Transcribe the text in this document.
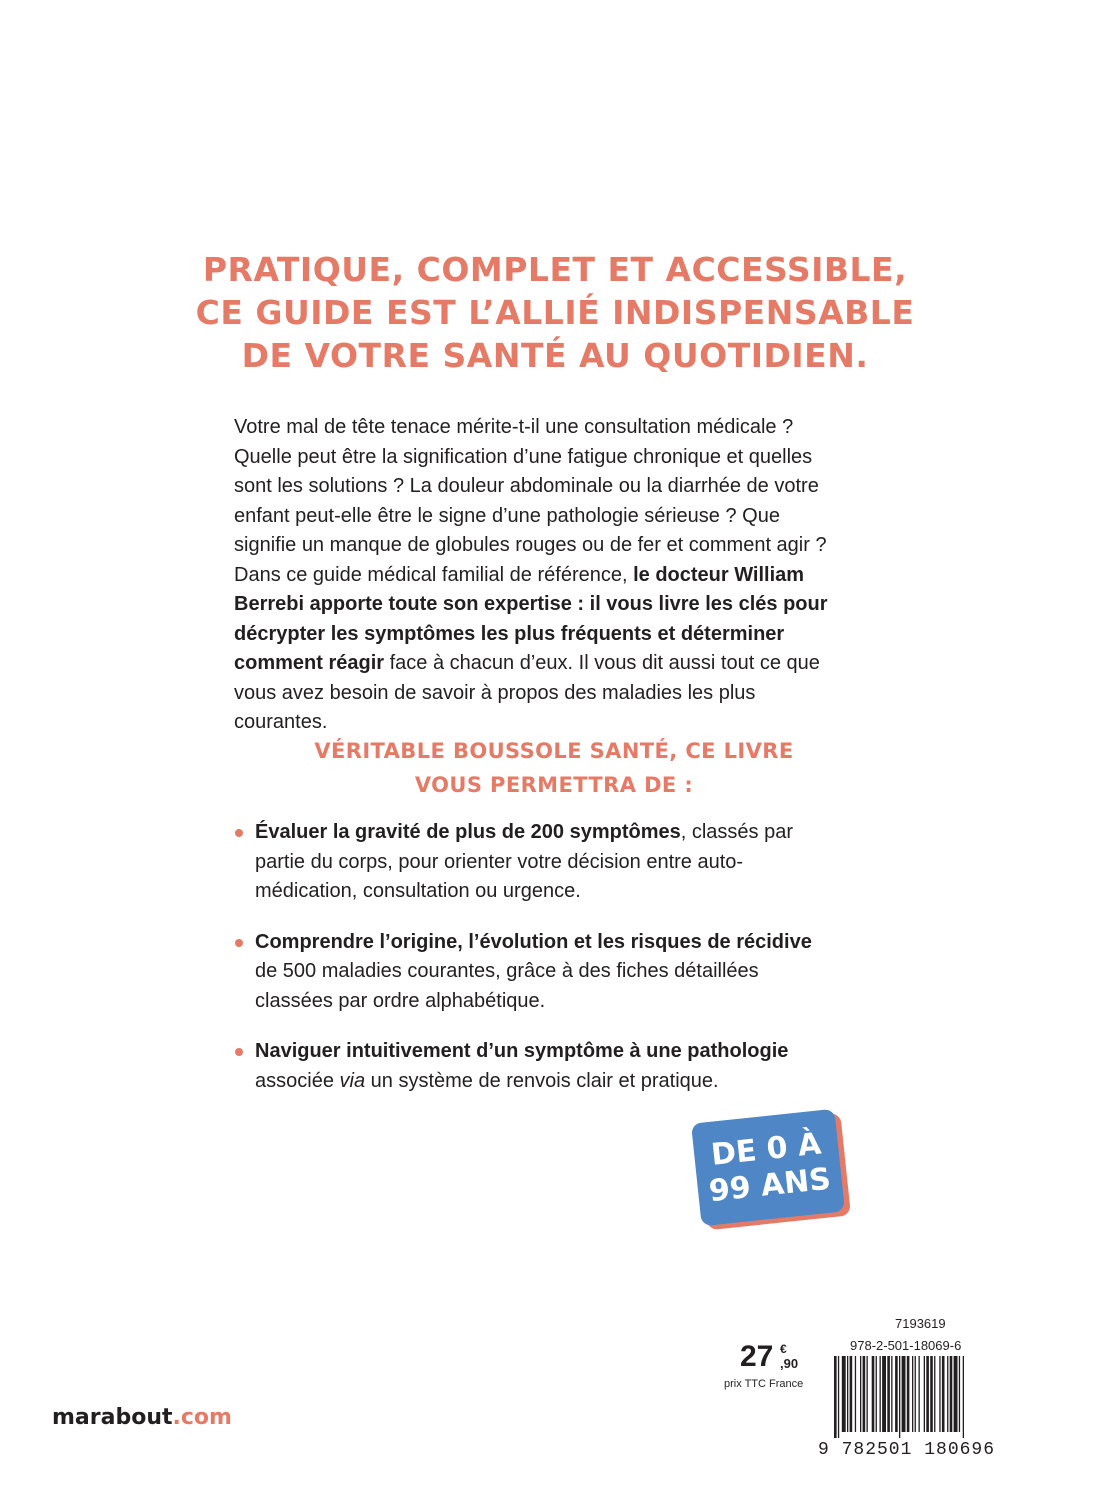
PRATIQUE, COMPLET ET ACCESSIBLE,
CE GUIDE EST L’ALLIÉ INDISPENSABLE
DE VOTRE SANTÉ AU QUOTIDIEN.

Votre mal de tête tenace mérite-t-il une consultation médicale ? Quelle peut être la signification d’une fatigue chronique et quelles sont les solutions ? La douleur abdominale ou la diarrhée de votre enfant peut-elle être le signe d’une pathologie sérieuse ? Que signifie un manque de globules rouges ou de fer et comment agir ? Dans ce guide médical familial de référence, le docteur William Berrebi apporte toute son expertise : il vous livre les clés pour décrypter les symptômes les plus fréquents et déterminer comment réagir face à chacun d’eux. Il vous dit aussi tout ce que vous avez besoin de savoir à propos des maladies les plus courantes.

VÉRITABLE BOUSSOLE SANTÉ, CE LIVRE
VOUS PERMETTRA DE :
Évaluer la gravité de plus de 200 symptômes, classés par partie du corps, pour orienter votre décision entre auto-médication, consultation ou urgence.
Comprendre l’origine, l’évolution et les risques de récidive de 500 maladies courantes, grâce à des fiches détaillées classées par ordre alphabétique.
Naviguer intuitivement d’un symptôme à une pathologie associée via un système de renvois clair et pratique.
DE 0 À
99 ANS
marabout.com
27 €
,90
prix TTC France
7193619
978-2-501-18069-6
9 782501 180696
